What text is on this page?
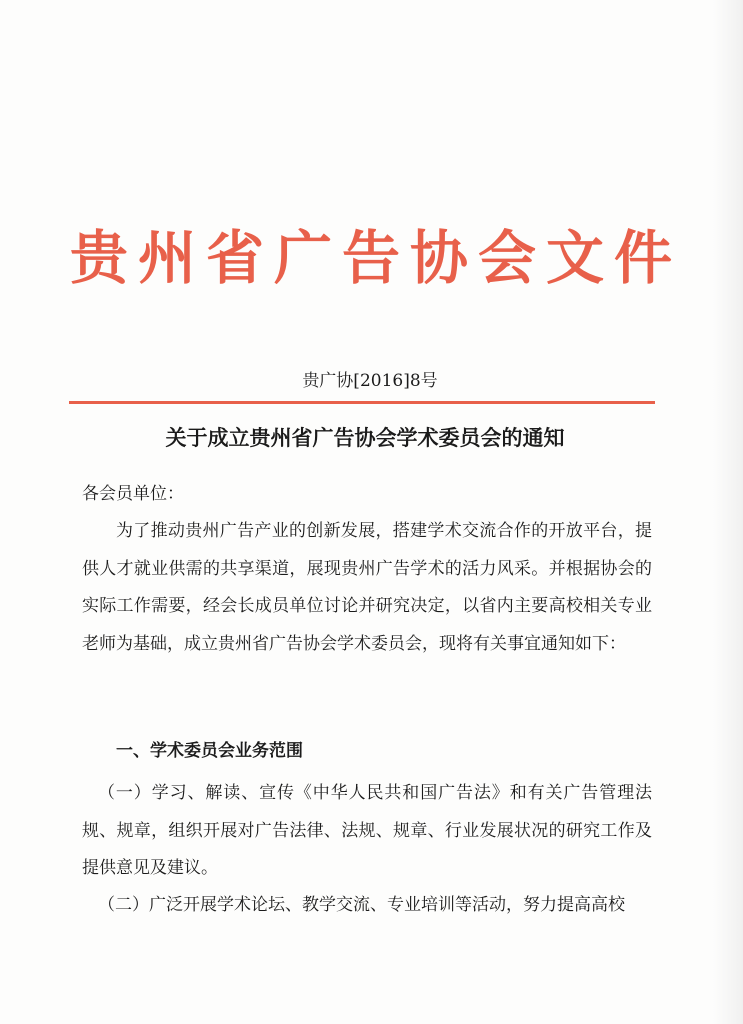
贵州省广告协会文件

贵广协[2016]8号

关于成立贵州省广告协会学术委员会的通知

各会员单位：

为了推动贵州广告产业的创新发展，搭建学术交流合作的开放平台，提供人才就业供需的共享渠道，展现贵州广告学术的活力风采。并根据协会的实际工作需要，经会长成员单位讨论并研究决定，以省内主要高校相关专业老师为基础，成立贵州省广告协会学术委员会，现将有关事宜通知如下：

一、学术委员会业务范围

（一）学习、解读、宣传《中华人民共和国广告法》和有关广告管理法规、规章，组织开展对广告法律、法规、规章、行业发展状况的研究工作及提供意见及建议。

（二）广泛开展学术论坛、教学交流、专业培训等活动，努力提高高校
